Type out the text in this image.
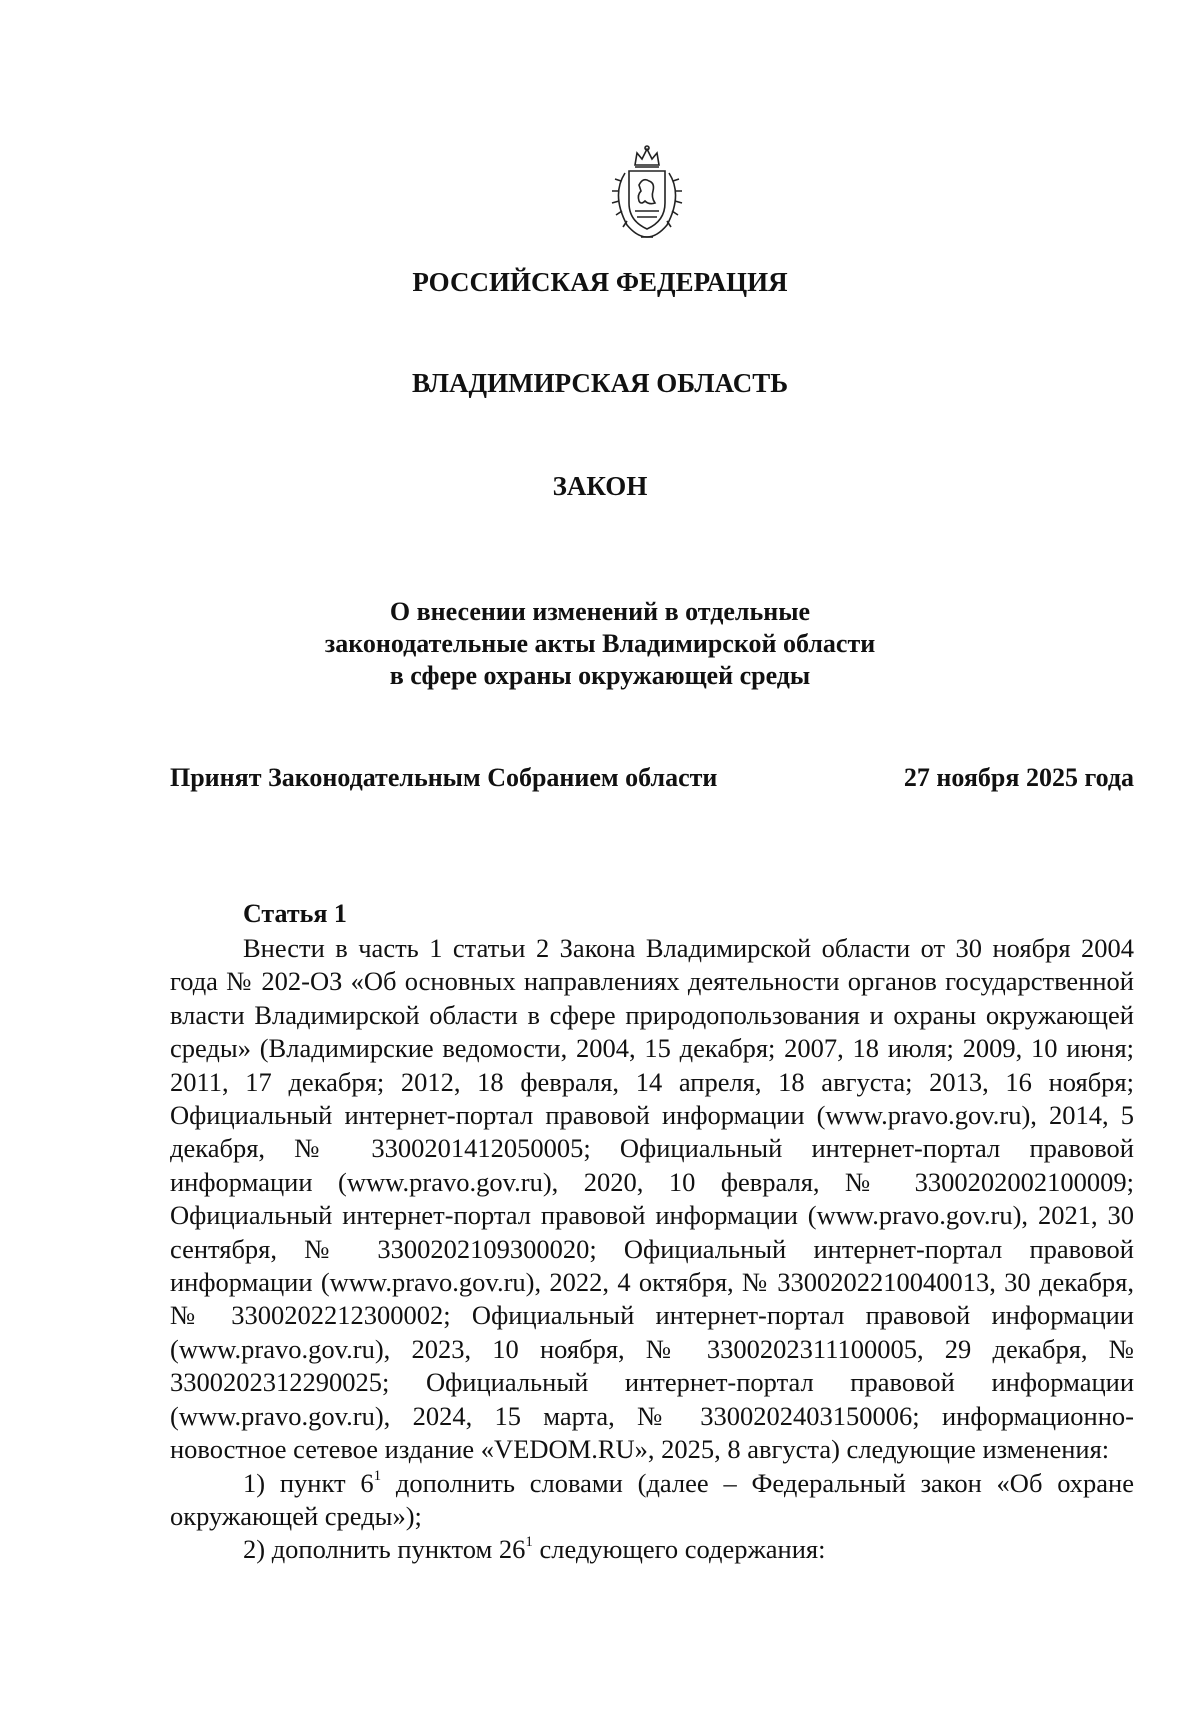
РОССИЙСКАЯ ФЕДЕРАЦИЯ
ВЛАДИМИРСКАЯ ОБЛАСТЬ
ЗАКОН
О внесении изменений в отдельные
законодательные акты Владимирской области
в сфере охраны окружающей среды
Принят Законодательным Собранием области	27 ноября 2025 года
Статья 1

Внести в часть 1 статьи 2 Закона Владимирской области от 30 ноября 2004 года № 202-ОЗ «Об основных направлениях деятельности органов государственной власти Владимирской области в сфере природопользования и охраны окружающей среды» (Владимирские ведомости, 2004, 15 декабря; 2007, 18 июля; 2009, 10 июня; 2011, 17 декабря; 2012, 18 февраля, 14 апреля, 18 августа; 2013, 16 ноября; Официальный интернет-портал правовой информации (www.pravo.gov.ru), 2014, 5 декабря, № 3300201412050005; Официальный интернет-портал правовой информации (www.pravo.gov.ru), 2020, 10 февраля, № 3300202002100009; Официальный интернет-портал правовой информации (www.pravo.gov.ru), 2021, 30 сентября, № 3300202109300020; Официальный интернет-портал правовой информации (www.pravo.gov.ru), 2022, 4 октября, № 3300202210040013, 30 декабря, № 3300202212300002; Официальный интернет-портал правовой информации (www.pravo.gov.ru), 2023, 10 ноября, № 3300202311100005, 29 декабря, № 3300202312290025; Официальный интернет-портал правовой информации (www.pravo.gov.ru), 2024, 15 марта, № 3300202403150006; информационно-новостное сетевое издание «VEDOM.RU», 2025, 8 августа) следующие изменения:

1) пункт $6^1$ дополнить словами (далее – Федеральный закон «Об охране окружающей среды»);

2) дополнить пунктом $26^1$ следующего содержания:
